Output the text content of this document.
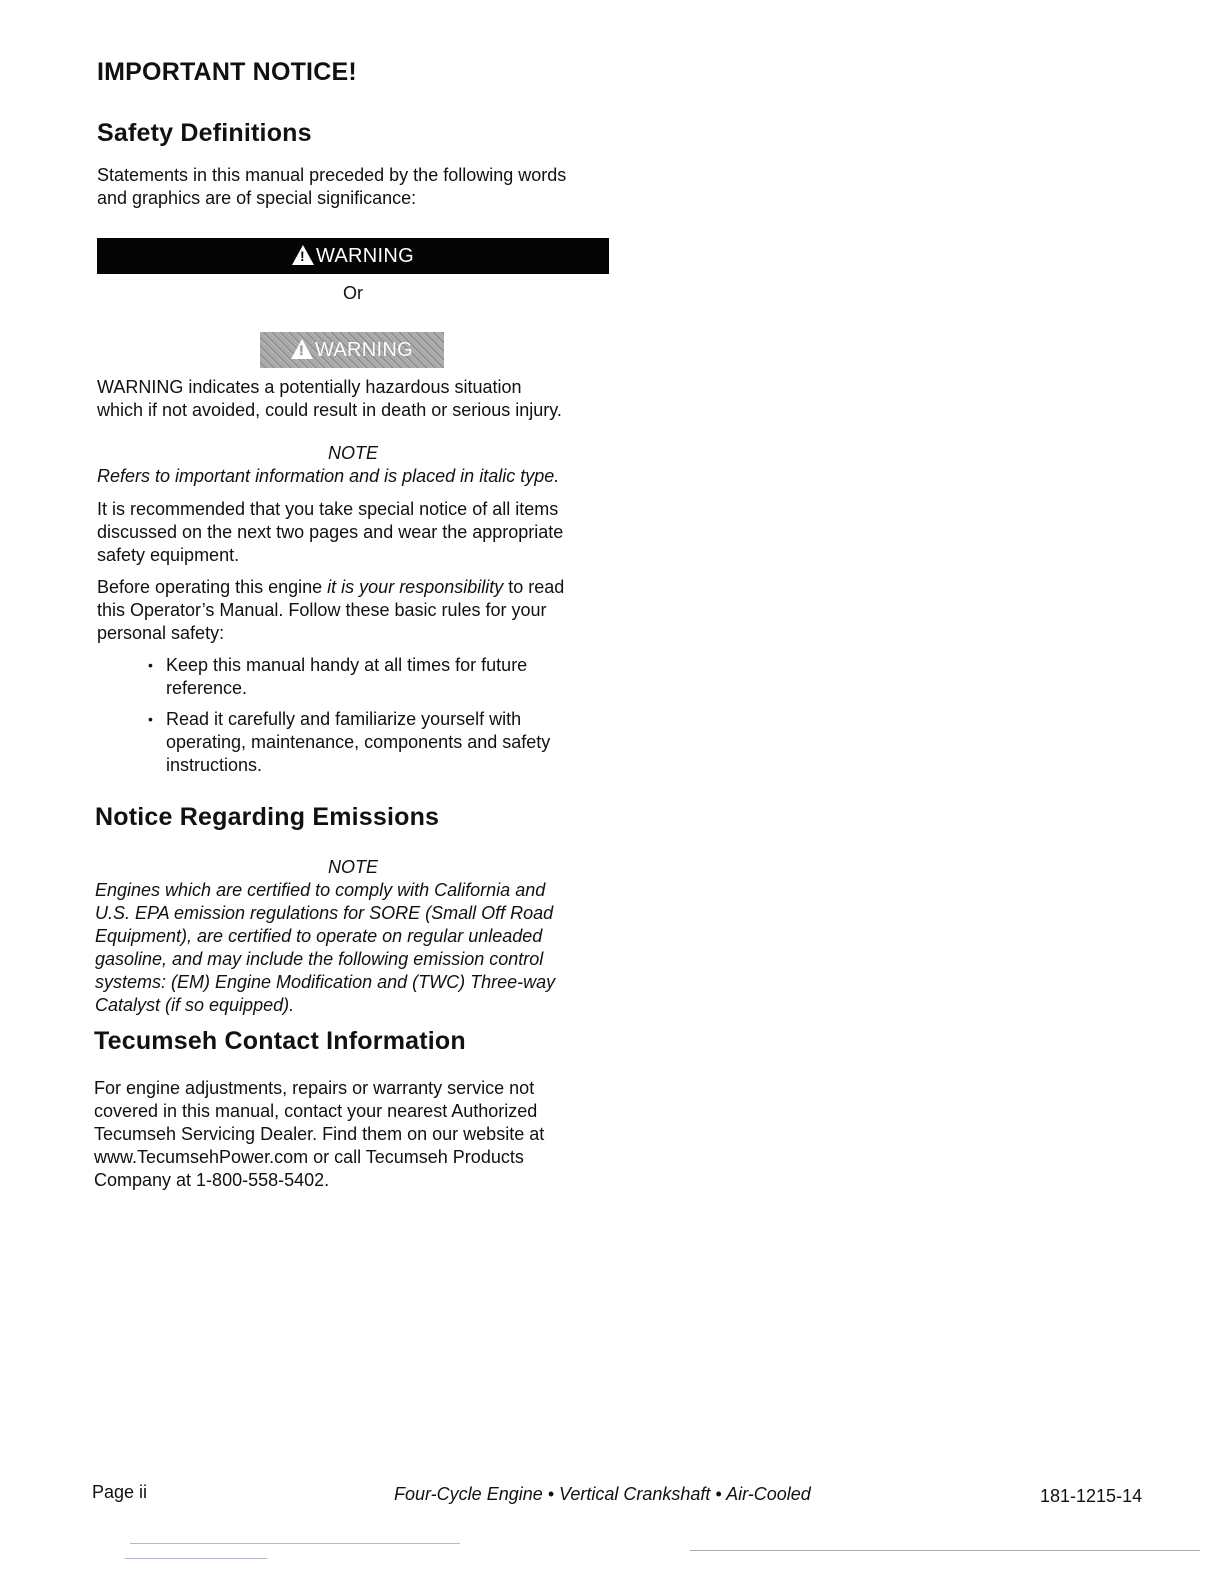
IMPORTANT NOTICE!
Safety Definitions
Statements in this manual preceded by the following words
and graphics are of special significance:
!
WARNING
Or
!
WARNING
WARNING indicates a potentially hazardous situation
which if not avoided, could result in death or serious injury.
NOTE
Refers to important information and is placed in italic type.
It is recommended that you take special notice of all items
discussed on the next two pages and wear the appropriate
safety equipment.
Before operating this engine it is your responsibility to read
this Operator’s Manual. Follow these basic rules for your
personal safety:
• Keep this manual handy at all times for future
reference.
• Read it carefully and familiarize yourself with
operating, maintenance, components and safety
instructions.
Notice Regarding Emissions
NOTE
Engines which are certified to comply with California and
U.S. EPA emission regulations for SORE (Small Off Road
Equipment), are certified to operate on regular unleaded
gasoline, and may include the following emission control
systems: (EM) Engine Modification and (TWC) Three-way
Catalyst (if so equipped).
Tecumseh Contact Information
For engine adjustments, repairs or warranty service not
covered in this manual, contact your nearest Authorized
Tecumseh Servicing Dealer. Find them on our website at
www.TecumsehPower.com or call Tecumseh Products
Company at 1-800-558-5402.
Page ii	Four-Cycle Engine • Vertical Crankshaft • Air-Cooled	181-1215-14
